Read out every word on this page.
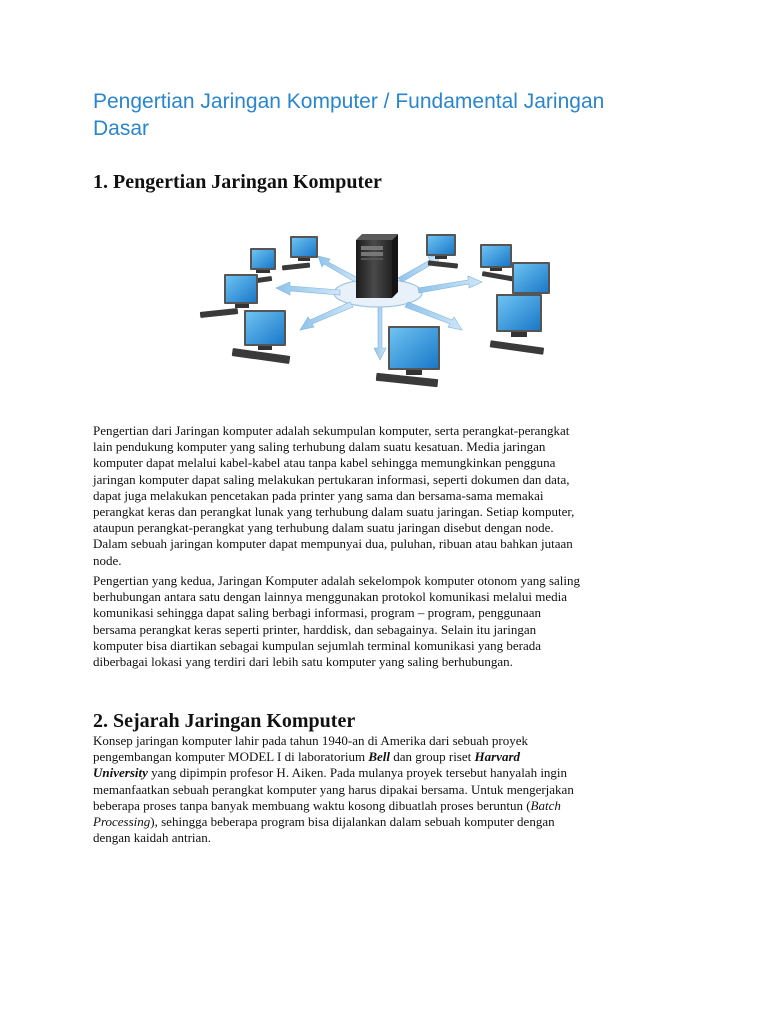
Pengertian Jaringan Komputer / Fundamental Jaringan
Dasar
1. Pengertian Jaringan Komputer

Pengertian dari Jaringan komputer adalah sekumpulan komputer, serta perangkat-perangkat
lain pendukung komputer yang saling terhubung dalam suatu kesatuan. Media jaringan
komputer dapat melalui kabel-kabel atau tanpa kabel sehingga memungkinkan pengguna
jaringan komputer dapat saling melakukan pertukaran informasi, seperti dokumen dan data,
dapat juga melakukan pencetakan pada printer yang sama dan bersama-sama memakai
perangkat keras dan perangkat lunak yang terhubung dalam suatu jaringan. Setiap komputer,
ataupun perangkat-perangkat yang terhubung dalam suatu jaringan disebut dengan node.
Dalam sebuah jaringan komputer dapat mempunyai dua, puluhan, ribuan atau bahkan jutaan
node.

Pengertian yang kedua, Jaringan Komputer adalah sekelompok komputer otonom yang saling
berhubungan antara satu dengan lainnya menggunakan protokol komunikasi melalui media
komunikasi sehingga dapat saling berbagi informasi, program – program, penggunaan
bersama perangkat keras seperti printer, harddisk, dan sebagainya. Selain itu jaringan
komputer bisa diartikan sebagai kumpulan sejumlah terminal komunikasi yang berada
diberbagai lokasi yang terdiri dari lebih satu komputer yang saling berhubungan.

2. Sejarah Jaringan Komputer

Konsep jaringan komputer lahir pada tahun 1940-an di Amerika dari sebuah proyek
pengembangan komputer MODEL I di laboratorium Bell dan group riset Harvard
University yang dipimpin profesor H. Aiken. Pada mulanya proyek tersebut hanyalah ingin
memanfaatkan sebuah perangkat komputer yang harus dipakai bersama. Untuk mengerjakan
beberapa proses tanpa banyak membuang waktu kosong dibuatlah proses beruntun (Batch
Processing), sehingga beberapa program bisa dijalankan dalam sebuah komputer dengan
dengan kaidah antrian.
